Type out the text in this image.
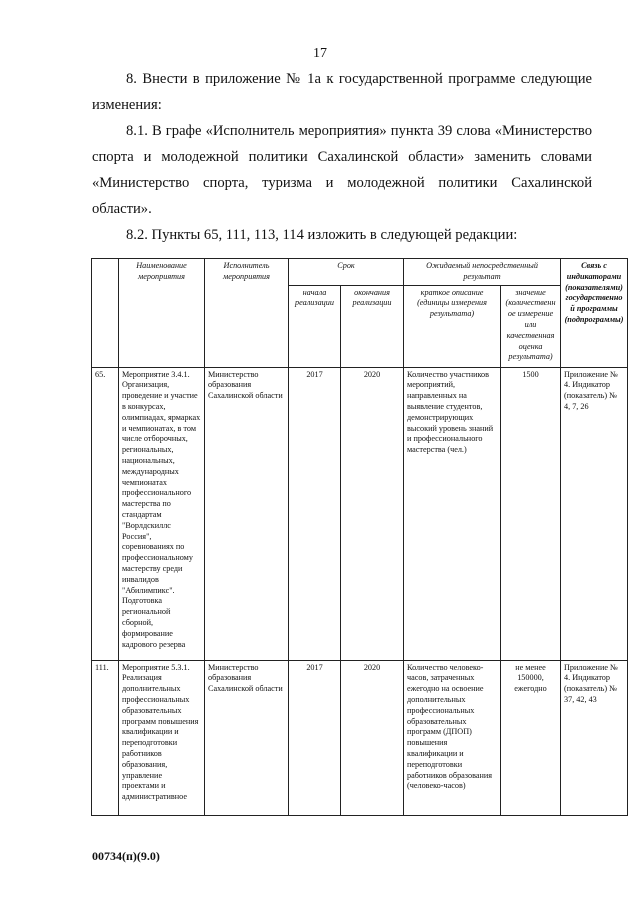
17

8. Внести в приложение № 1а к государственной программе следующие изменения:

8.1. В графе «Исполнитель мероприятия» пункта 39 слова «Министерство спорта и молодежной политики Сахалинской области» заменить словами «Министерство спорта, туризма и молодежной политики Сахалинской области».

8.2. Пункты 65, 111, 113, 114 изложить в следующей редакции:

	Наименование мероприятия	Исполнитель мероприятия	Срок		Ожидаемый непосредственный результат		Связь с индикаторами (показателями) государственной программы (подпрограммы)
			начала реализации	окончания реализации	краткое описание (единицы измерения результата)	значение (количественное измерение или качественная оценка результата)	
65.	Мероприятие 3.4.1. Организация, проведение и участие в конкурсах, олимпиадах, ярмарках и чемпионатах, в том числе отборочных, региональных, национальных, международных чемпионатах профессионального мастерства по стандартам "Ворлдскиллс Россия", соревнованиях по профессиональному мастерству среди инвалидов "Абилимпикс". Подготовка региональной сборной, формирование кадрового резерва	Министерство образования Сахалинской области	2017	2020	Количество участников мероприятий, направленных на выявление студентов, демонстрирующих высокий уровень знаний и профессионального мастерства (чел.)	1500	Приложение № 4. Индикатор (показатель) № 4, 7, 26
111.	Мероприятие 5.3.1. Реализация дополнительных профессиональных образовательных программ повышения квалификации и переподготовки работников образования, управление проектами и административное	Министерство образования Сахалинской области	2017	2020	Количество человеко-часов, затраченных ежегодно на освоение дополнительных профессиональных образовательных программ (ДПОП) повышения квалификации и переподготовки работников образования (человеко-часов)	не менее 150000, ежегодно	Приложение № 4. Индикатор (показатель) № 37, 42, 43
00734(п)(9.0)
